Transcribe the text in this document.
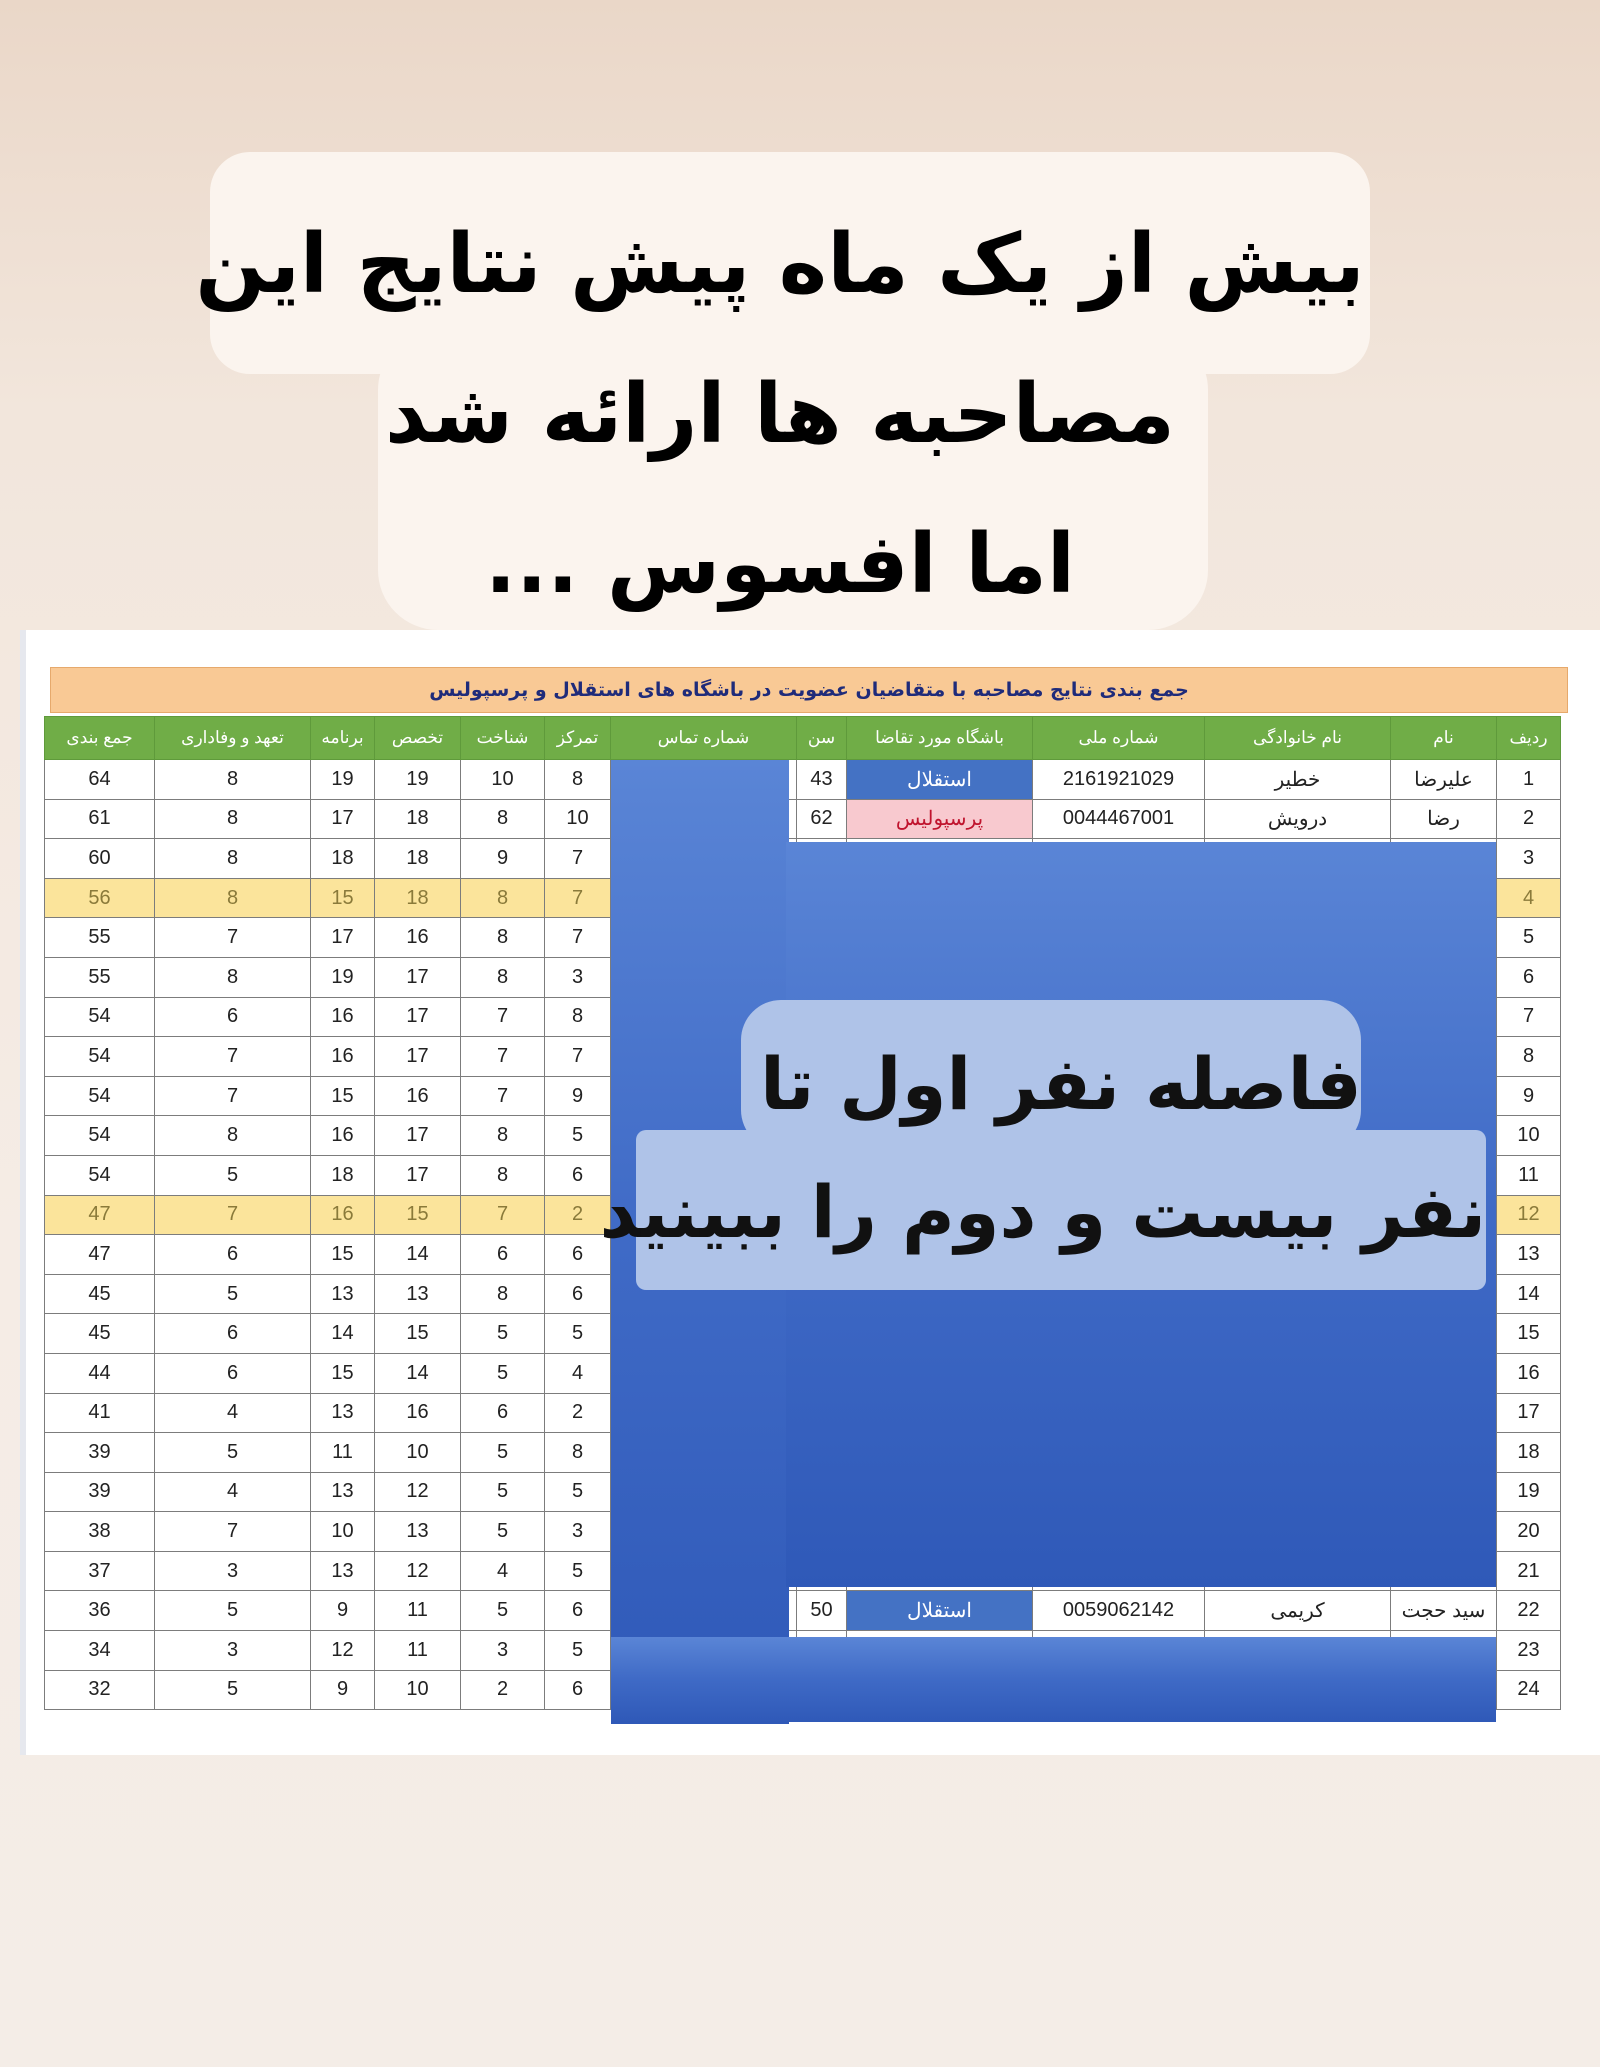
بیش از یک ماه پیش نتایج این
مصاحبه ها ارائه شد
اما افسوس ...
جمع بندی نتایج مصاحبه با متقاضیان عضویت در باشگاه های استقلال و پرسپولیس
ردیف	نام	نام خانوادگی	شماره ملی	باشگاه مورد تقاضا	سن	شماره تماس	تمرکز	شناخت	تخصص	برنامه	تعهد و وفاداری	جمع بندی
1	علیرضا	خطیر	2161921029	استقلال	43		8	10	19	19	8	64
2	رضا	درویش	0044467001	پرسپولیس	62		10	8	18	17	8	61
3							7	9	18	18	8	60
4							7	8	18	15	8	56
5							7	8	16	17	7	55
6							3	8	17	19	8	55
7							8	7	17	16	6	54
8							7	7	17	16	7	54
9							9	7	16	15	7	54
10							5	8	17	16	8	54
11							6	8	17	18	5	54
12							2	7	15	16	7	47
13							6	6	14	15	6	47
14							6	8	13	13	5	45
15							5	5	15	14	6	45
16							4	5	14	15	6	44
17							2	6	16	13	4	41
18							8	5	10	11	5	39
19							5	5	12	13	4	39
20							3	5	13	10	7	38
21							5	4	12	13	3	37
22	سید حجت	کریمی	0059062142	استقلال	50		6	5	11	9	5	36
23							5	3	11	12	3	34
24							6	2	10	9	5	32
فاصله نفر اول تا
نفر بیست و دوم را ببینید
